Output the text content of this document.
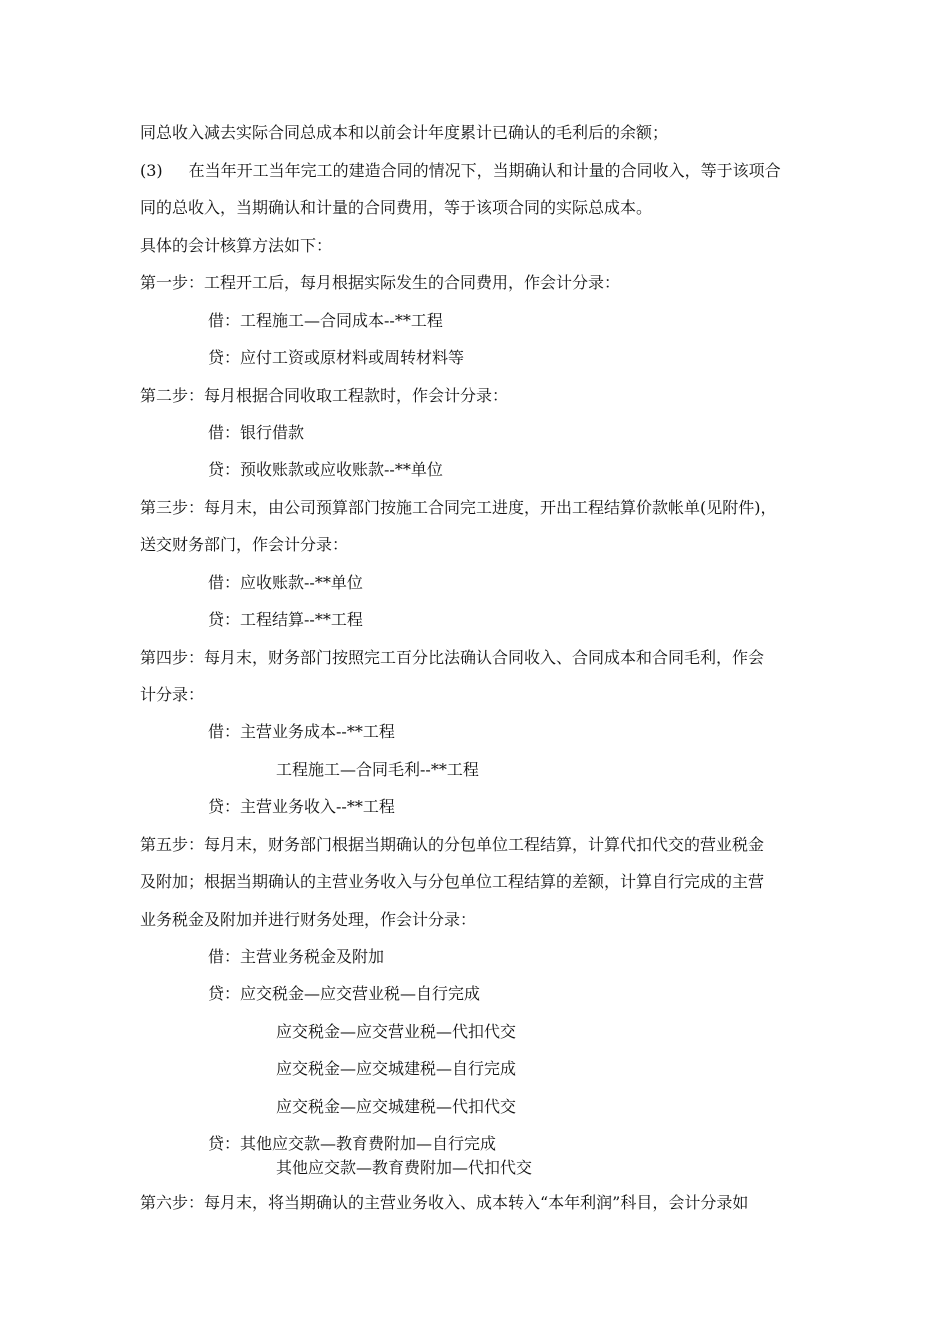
同总收入减去实际合同总成本和以前会计年度累计已确认的毛利后的余额；
(3) 在当年开工当年完工的建造合同的情况下，当期确认和计量的合同收入，等于该项合
同的总收入，当期确认和计量的合同费用，等于该项合同的实际总成本。
具体的会计核算方法如下：
第一步：工程开工后，每月根据实际发生的合同费用，作会计分录：
借：工程施工—合同成本--**工程
贷：应付工资或原材料或周转材料等
第二步：每月根据合同收取工程款时，作会计分录：
借：银行借款
贷：预收账款或应收账款--**单位
第三步：每月末，由公司预算部门按施工合同完工进度，开出工程结算价款帐单(见附件)，
送交财务部门，作会计分录：
借：应收账款--**单位
贷：工程结算--**工程
第四步：每月末，财务部门按照完工百分比法确认合同收入、合同成本和合同毛利，作会
计分录：
借：主营业务成本--**工程
工程施工—合同毛利--**工程
贷：主营业务收入--**工程
第五步：每月末，财务部门根据当期确认的分包单位工程结算，计算代扣代交的营业税金
及附加；根据当期确认的主营业务收入与分包单位工程结算的差额，计算自行完成的主营
业务税金及附加并进行财务处理，作会计分录：
借：主营业务税金及附加
贷：应交税金—应交营业税—自行完成
应交税金—应交营业税—代扣代交
应交税金—应交城建税—自行完成
应交税金—应交城建税—代扣代交
贷：其他应交款—教育费附加—自行完成
其他应交款—教育费附加—代扣代交
第六步：每月末，将当期确认的主营业务收入、成本转入“本年利润”科目，会计分录如
